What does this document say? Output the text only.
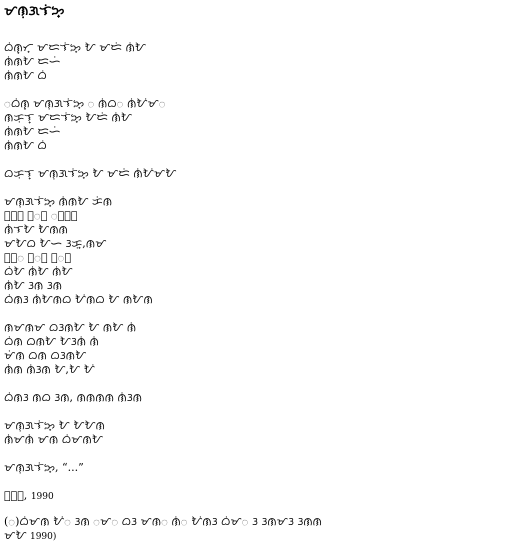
ᜋᜈᜓᜄᜎᜒᜅ᜔
ᜊᜒᜈ᜔ᜆ᜔ ᜋᜇᜎᜒᜅ᜔ ᜀ ᜋᜇᜒ ᜈᜒᜀ
ᜈᜒᜈᜀ ᜇᜑᜒ
ᜈᜒᜈᜀ ᜊᜒ
ᜀᜊᜒᜈ᜔ ᜋᜈᜓᜄᜎᜒᜅ᜔ ᜀ ᜈᜒᜊᜀ ᜈᜒᜀᜒᜋᜀ
ᜈᜃᜓᜎ᜔ ᜋᜇᜎᜒᜅ᜔ ᜀᜇᜒ ᜈᜒᜀ
ᜈᜒᜈᜀ ᜇᜑᜒ
ᜈᜒᜈᜀ ᜊᜒ
ᜊᜃᜓᜎ᜔ ᜋᜈᜓᜄᜎᜒᜅ᜔ ᜀ ᜋᜇᜒ ᜈᜒᜀᜒᜋᜀ
ᜋᜈᜓᜄᜎᜒᜅ᜔ ᜈᜒᜈᜀ ᜃᜒᜈ
ᜀᜒᜈ ᜊᜀᜈ ᜀᜋᜎᜈ
ᜈᜒᜎᜀ ᜀᜈᜈ
ᜋᜀᜊ ᜀᜑ ᜂᜃᜓ᜔,ᜈᜋ
ᜀᜒᜀ ᜈᜀᜈ ᜈᜀᜈ
ᜊᜒᜀ ᜈᜒᜀ ᜈᜒᜀ
ᜈᜒᜀ ᜂᜈ ᜂᜈ
ᜊᜒᜈᜂ ᜈᜒᜀᜈᜊ ᜀᜒᜈᜊ ᜀ ᜈᜀᜈ
ᜈᜋᜈᜋ ᜊᜂᜈᜀ ᜀ ᜈᜀ ᜈᜒ
ᜊᜒᜈ ᜊᜈᜀ ᜀᜂᜈᜒ ᜈᜒ
ᜋᜒᜈ ᜊᜈ ᜊᜂᜈᜀ
ᜈᜒᜈ ᜈᜒᜂᜈ ᜀ,ᜀ ᜀᜒ
ᜊᜒᜈᜂ ᜈᜊ ᜂᜈ, ᜈᜈᜈᜈ ᜈᜒᜂᜈ
ᜋᜈᜓᜄᜎᜒᜅ᜔ ᜀ ᜀᜀᜈ
ᜈᜒᜋᜈᜒ ᜋᜈ ᜊᜒᜋᜈᜀ
ᜋᜈᜓᜄᜎᜒᜅ᜔, “...”
ᜀᜒᜈ, 1990
(ᜀ)ᜊᜒᜋᜈ ᜀᜒᜀ ᜂᜈ ᜀᜋᜀ ᜊᜂ ᜋᜈᜀ ᜈᜒᜀ ᜀᜒᜈᜂ ᜊᜒᜋᜀ ᜂ ᜂᜈᜋᜂ ᜂᜈᜈ
ᜋᜀ 1990)
